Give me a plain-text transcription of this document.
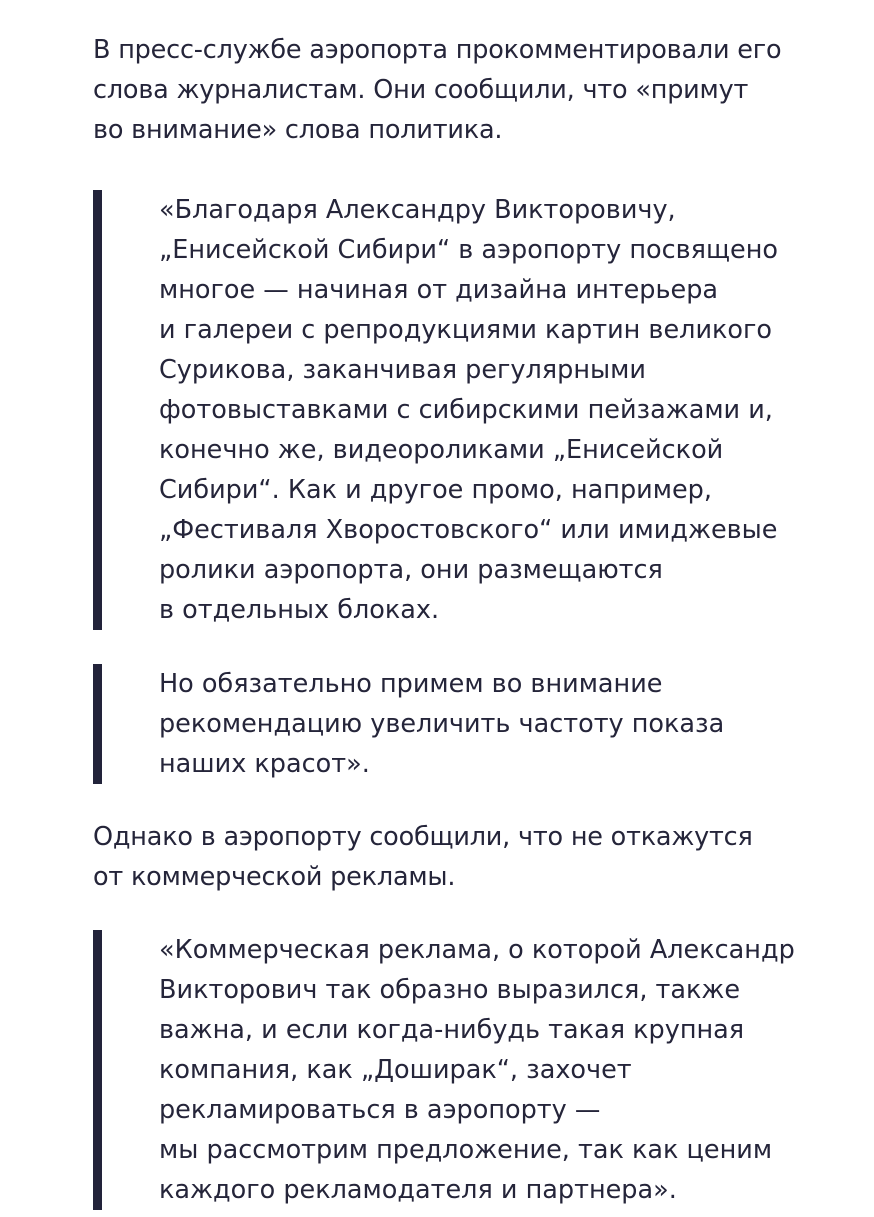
В пресс-службе аэропорта прокомментировали его
слова журналистам. Они сообщили, что «примут
во внимание» слова политика.

«Благодаря Александру Викторовичу,
„Енисейской Сибири“ в аэропорту посвящено
многое — начиная от дизайна интерьера
и галереи с репродукциями картин великого
Сурикова, заканчивая регулярными
фотовыставками с сибирскими пейзажами и,
конечно же, видеороликами „Енисейской
Сибири“. Как и другое промо, например,
„Фестиваля Хворостовского“ или имиджевые
ролики аэропорта, они размещаются
в отдельных блоках.

Но обязательно примем во внимание
рекомендацию увеличить частоту показа
наших красот».

Однако в аэропорту сообщили, что не откажутся
от коммерческой рекламы.

«Коммерческая реклама, о которой Александр
Викторович так образно выразился, также
важна, и если когда-нибудь такая крупная
компания, как „Доширак“, захочет
рекламироваться в аэропорту —
мы рассмотрим предложение, так как ценим
каждого рекламодателя и партнера».
